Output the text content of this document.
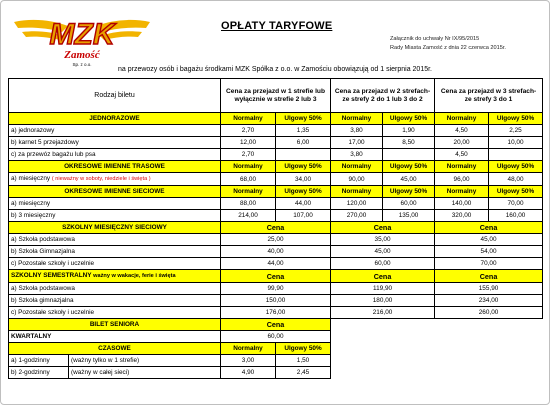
MZK
Zamość
Sp. z o.o.
OPŁATY TARYFOWE
Załącznik do uchwały Nr IX/95/2015
Rady Miasta Zamość z dnia 22 czerwca 2015r.
na przewozy osób i bagażu środkami MZK Spółka z o.o. w Zamościu obowiązują od 1 sierpnia 2015r.
Rodzaj biletu		Cena za przejazd w 1 strefie lub wyłącznie w strefie 2 lub 3		Cena za przejazd w 2 strefach- ze strefy 2 do 1 lub 3 do 2		Cena za przejazd w 3 strefach- ze strefy 3 do 1	
JEDNORAZOWE		Normalny	Ulgowy 50%	Normalny	Ulgowy 50%	Normalny	Ulgowy 50%
a) jednorazowy		2,70	1,35	3,80	1,90	4,50	2,25
b) karnet 5 przejazdowy		12,00	6,00	17,00	8,50	20,00	10,00
c) za przewóz bagażu lub psa		2,70		3,80		4,50	
OKRESOWE IMIENNE TRASOWE		Normalny	Ulgowy 50%	Normalny	Ulgowy 50%	Normalny	Ulgowy 50%
a) miesięczny ( nieważny w soboty, niedziele i święta )		68,00	34,00	90,00	45,00	96,00	48,00
OKRESOWE IMIENNE SIECIOWE		Normalny	Ulgowy 50%	Normalny	Ulgowy 50%	Normalny	Ulgowy 50%
a) miesięczny		88,00	44,00	120,00	60,00	140,00	70,00
b) 3 miesięczny		214,00	107,00	270,00	135,00	320,00	160,00
SZKOLNY MIESIĘCZNY SIECIOWY		Cena		Cena		Cena	
a) Szkoła podstawowa		25,00		35,00		45,00	
b) Szkoła Gimnazjalna		40,00		45,00		54,00	
c) Pozostałe szkoły i uczelnie		44,00		60,00		70,00	
SZKOLNY SEMESTRALNY ważny w wakacje, ferie i święta		Cena		Cena		Cena	
a) Szkoła podstawowa		99,90		119,90		155,90	
b) Szkoła gimnazjalna		150,00		180,00		234,00	
c) Pozostałe szkoły i uczelnie		176,00		216,00		260,00	
BILET SENIORA		Cena					
KWARTALNY		60,00					
CZASOWE		Normalny	Ulgowy 50%				
a) 1-godzinny	(ważny tylko w 1 strefie)	3,00	1,50				
b) 2-godzinny	(ważny w całej sieci)	4,90	2,45				
